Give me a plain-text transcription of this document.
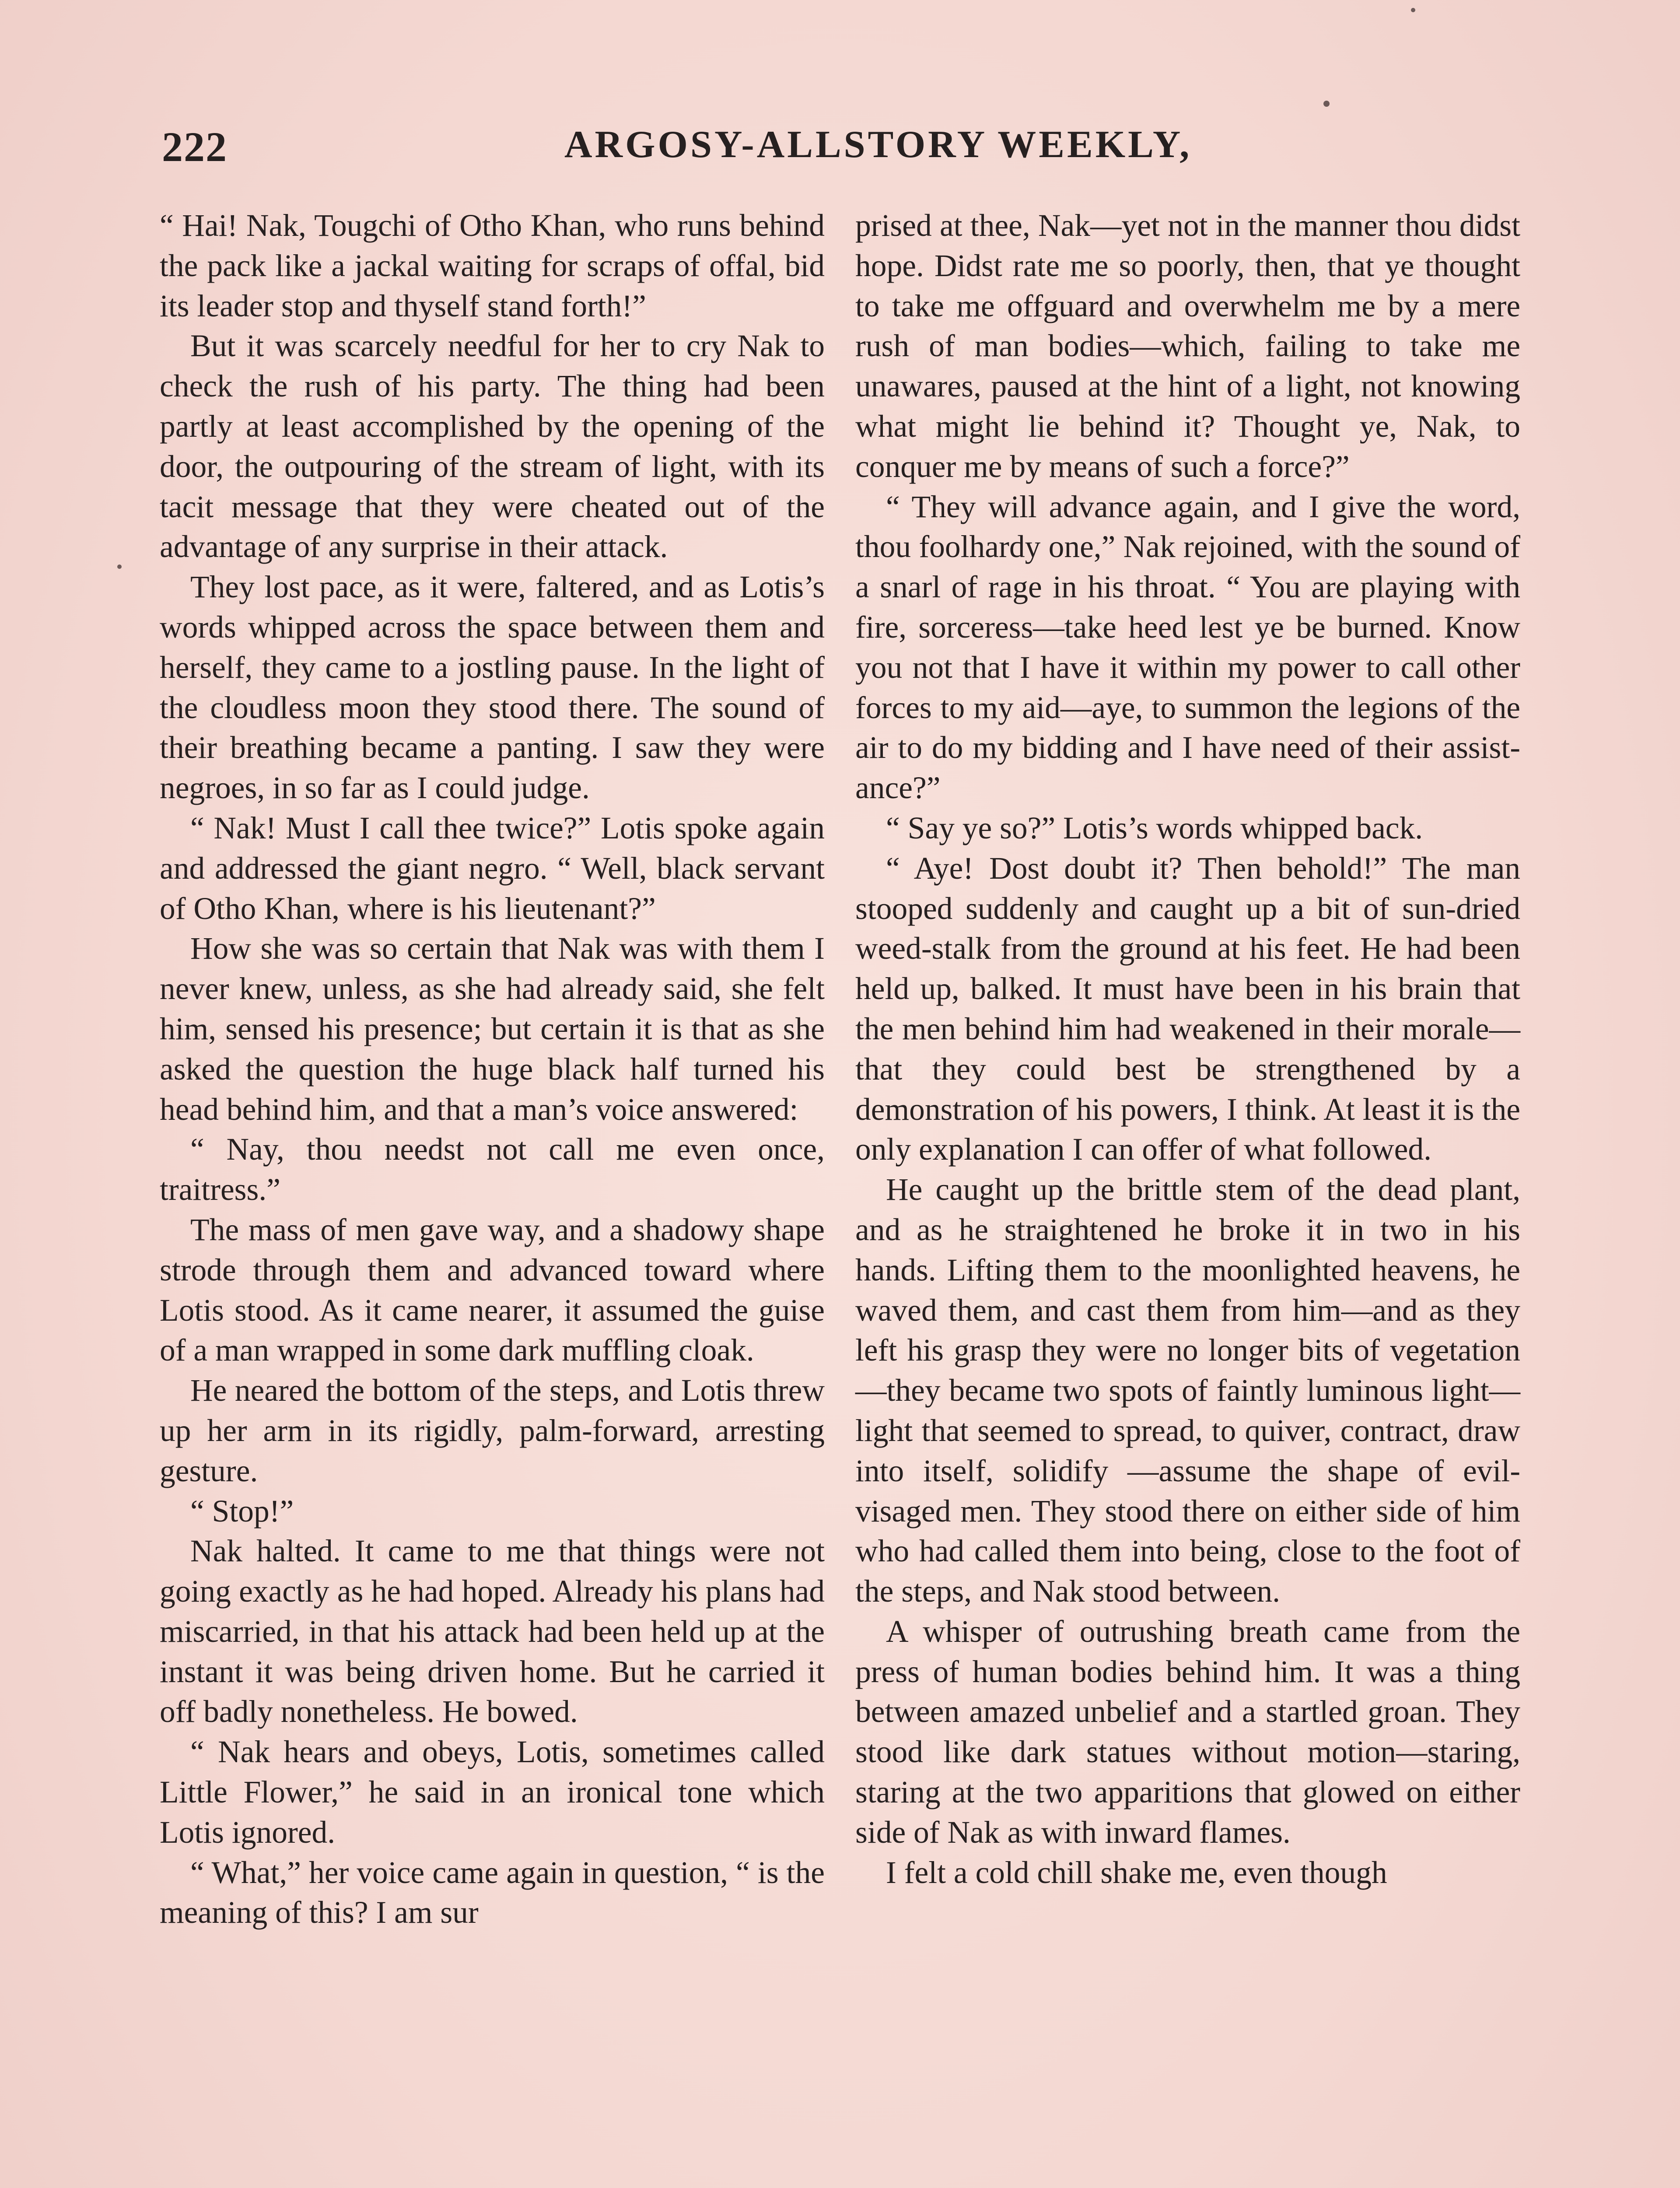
222	ARGOSY-ALLSTORY WEEKLY,

“ Hai! Nak, Tougchi of Otho Khan, who runs behind the pack like a jackal waiting for scraps of offal, bid its leader stop and thyself stand forth!”

But it was scarcely needful for her to cry Nak to check the rush of his party. The thing had been partly at least accomplished by the opening of the door, the outpouring of the stream of light, with its tacit message that they were cheated out of the advantage of any surprise in their attack.

They lost pace, as it were, faltered, and as Lotis’s words whipped across the space between them and herself, they came to a jostling pause. In the light of the cloudless moon they stood there. The sound of their breathing became a panting. I saw they were negroes, in so far as I could judge.

“ Nak! Must I call thee twice?” Lotis spoke again and addressed the giant negro. “ Well, black servant of Otho Khan, where is his lieutenant?”

How she was so certain that Nak was with them I never knew, unless, as she had already said, she felt him, sensed his presence; but certain it is that as she asked the question the huge black half turned his head behind him, and that a man’s voice answered:

“ Nay, thou needst not call me even once, traitress.”

The mass of men gave way, and a shadowy shape strode through them and advanced toward where Lotis stood. As it came nearer, it assumed the guise of a man wrapped in some dark muffling cloak.

He neared the bottom of the steps, and Lotis threw up her arm in its rigidly, palm-forward, arresting gesture.

“ Stop!”

Nak halted. It came to me that things were not going exactly as he had hoped. Already his plans had miscarried, in that his attack had been held up at the instant it was being driven home. But he carried it off badly nonetheless. He bowed.

“ Nak hears and obeys, Lotis, sometimes called Little Flower,” he said in an ironical tone which Lotis ignored.

“ What,” her voice came again in question, “ is the meaning of this? I am sur

prised at thee, Nak—yet not in the manner thou didst hope. Didst rate me so poorly, then, that ye thought to take me offguard and overwhelm me by a mere rush of man bodies—which, failing to take me unawares, paused at the hint of a light, not knowing what might lie behind it? Thought ye, Nak, to conquer me by means of such a force?”

“ They will advance again, and I give the word, thou foolhardy one,” Nak rejoined, with the sound of a snarl of rage in his throat. “ You are playing with fire, sorceress—take heed lest ye be burned. Know you not that I have it within my power to call other forces to my aid—aye, to summon the legions of the air to do my bidding and I have need of their assistance?”

“ Say ye so?” Lotis’s words whipped back.

“ Aye! Dost doubt it? Then behold!” The man stooped suddenly and caught up a bit of sun-dried weed-stalk from the ground at his feet. He had been held up, balked. It must have been in his brain that the men behind him had weakened in their morale—that they could best be strengthened by a demonstration of his powers, I think. At least it is the only explanation I can offer of what followed.

He caught up the brittle stem of the dead plant, and as he straightened he broke it in two in his hands. Lifting them to the moonlighted heavens, he waved them, and cast them from him—and as they left his grasp they were no longer bits of vegetation—they became two spots of faintly luminous light—light that seemed to spread, to quiver, contract, draw into itself, solidify —assume the shape of evil-visaged men. They stood there on either side of him who had called them into being, close to the foot of the steps, and Nak stood between.

A whisper of outrushing breath came from the press of human bodies behind him. It was a thing between amazed unbelief and a startled groan. They stood like dark statues without motion—staring, staring at the two apparitions that glowed on either side of Nak as with inward flames.

I felt a cold chill shake me, even though
